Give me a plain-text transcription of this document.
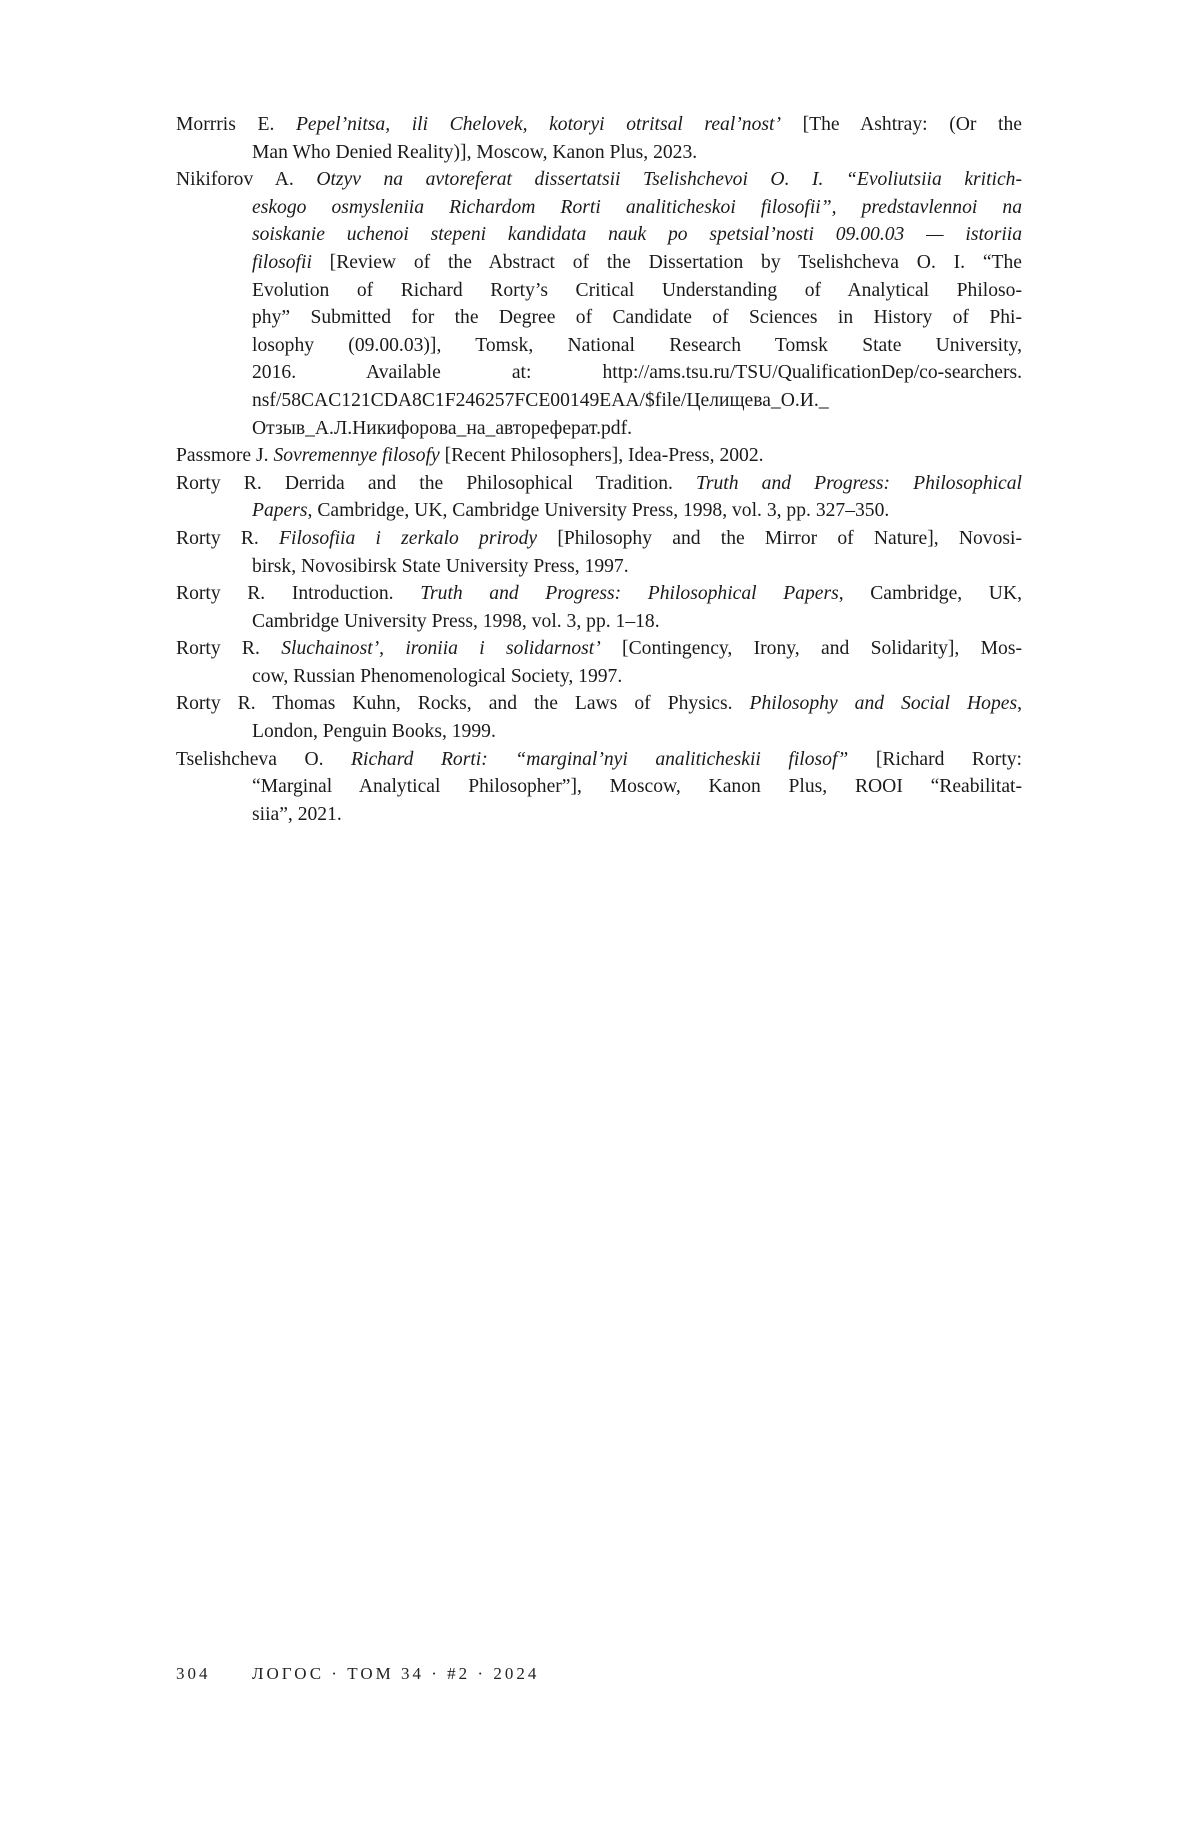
Morrris E. Pepel’nitsa, ili Chelovek, kotoryi otritsal real’nost’ [The Ashtray: (Or the
Man Who Denied Reality)], Moscow, Kanon Plus, 2023.
Nikiforov A. Otzyv na avtoreferat dissertatsii Tselishchevoi O. I. “Evoliutsiia kritich-
eskogo osmysleniia Richardom Rorti analiticheskoi filosofii”, predstavlennoi na
soiskanie uchenoi stepeni kandidata nauk po spetsial’nosti 09.00.03 — istoriia
filosofii [Review of the Abstract of the Dissertation by Tselishcheva O. I. “The
Evolution of Richard Rorty’s Critical Understanding of Analytical Philoso-
phy” Submitted for the Degree of Candidate of Sciences in History of Phi-
losophy (09.00.03)], Tomsk, National Research Tomsk State University,
2016. Available at: http://ams.tsu.ru/TSU/QualificationDep/co-searchers.
nsf/58CAC121CDA8C1F246257FCE00149EAA/$file/Целищева_О.И._
Отзыв_А.Л.Никифорова_на_автореферат.pdf.
Passmore J. Sovremennye filosofy [Recent Philosophers], Idea-Press, 2002.
Rorty R. Derrida and the Philosophical Tradition. Truth and Progress: Philosophical
Papers, Cambridge, UK, Cambridge University Press, 1998, vol. 3, pp. 327–350.
Rorty R. Filosofiia i zerkalo prirody [Philosophy and the Mirror of Nature], Novosi-
birsk, Novosibirsk State University Press, 1997.
Rorty R. Introduction. Truth and Progress: Philosophical Papers, Cambridge, UK,
Cambridge University Press, 1998, vol. 3, pp. 1–18.
Rorty R. Sluchainost’, ironiia i solidarnost’ [Contingency, Irony, and Solidarity], Mos-
cow, Russian Phenomenological Society, 1997.
Rorty R. Thomas Kuhn, Rocks, and the Laws of Physics. Philosophy and Social Hopes,
London, Penguin Books, 1999.
Tselishcheva O. Richard Rorti: “marginal’nyi analiticheskii filosof” [Richard Rorty:
“Marginal Analytical Philosopher”], Moscow, Kanon Plus, ROOI “Reabilitat-
siia”, 2021.
304 ЛОГОС · ТОМ 34 · #2 · 2024
